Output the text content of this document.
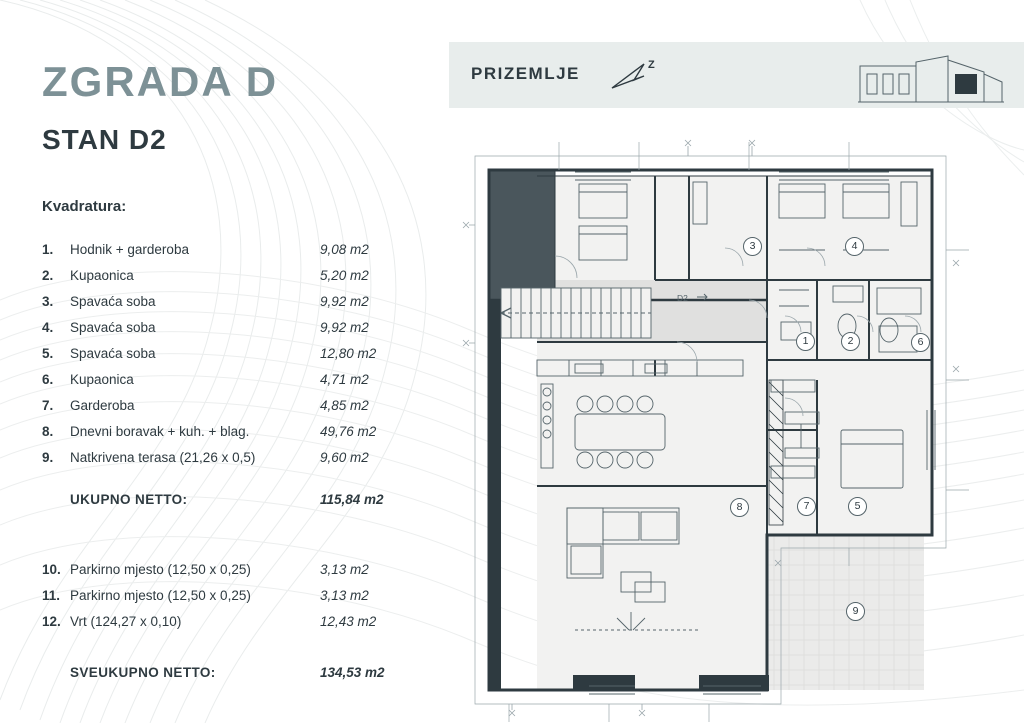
ZGRADA D
STAN D2
Kvadratura:
1.	Hodnik + garderoba	9,08 m2
2.	Kupaonica	5,20 m2
3.	Spavaća soba	9,92 m2
4.	Spavaća soba	9,92 m2
5.	Spavaća soba	12,80 m2
6.	Kupaonica	4,71 m2
7.	Garderoba	4,85 m2
8.	Dnevni boravak + kuh. + blag.	49,76 m2
9.	Natkrivena terasa (21,26 x 0,5)	9,60 m2
UKUPNO NETTO:	115,84 m2
10. Parkirno mjesto (12,50 x 0,25)	3,13 m2
11. Parkirno mjesto (12,50 x 0,25)	3,13 m2
12. Vrt (124,27 x 0,10)	12,43 m2
SVEUKUPNO NETTO:	134,53 m2
PRIZEMLJE	Z
D2
1	2
3	4
5
6
7
8
9
